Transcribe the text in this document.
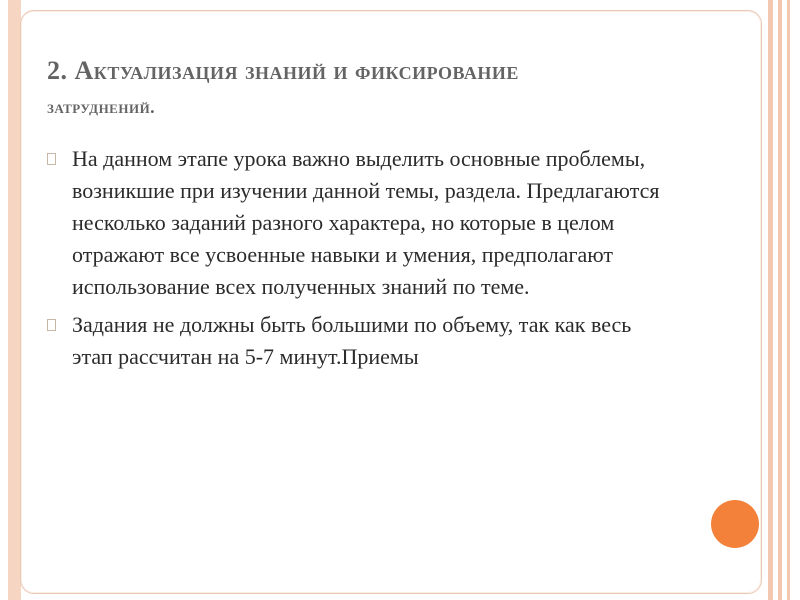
2. Актуализация знаний и фиксирование
затруднений.
На данном этапе урока важно выделить основные проблемы, возникшие при изучении данной темы, раздела. Предлагаются несколько заданий разного характера, но которые в целом отражают все усвоенные навыки и умения, предполагают использование всех полученных знаний по теме.
Задания не должны быть большими по объему, так как весь этап рассчитан на 5-7 минут.Приемы
